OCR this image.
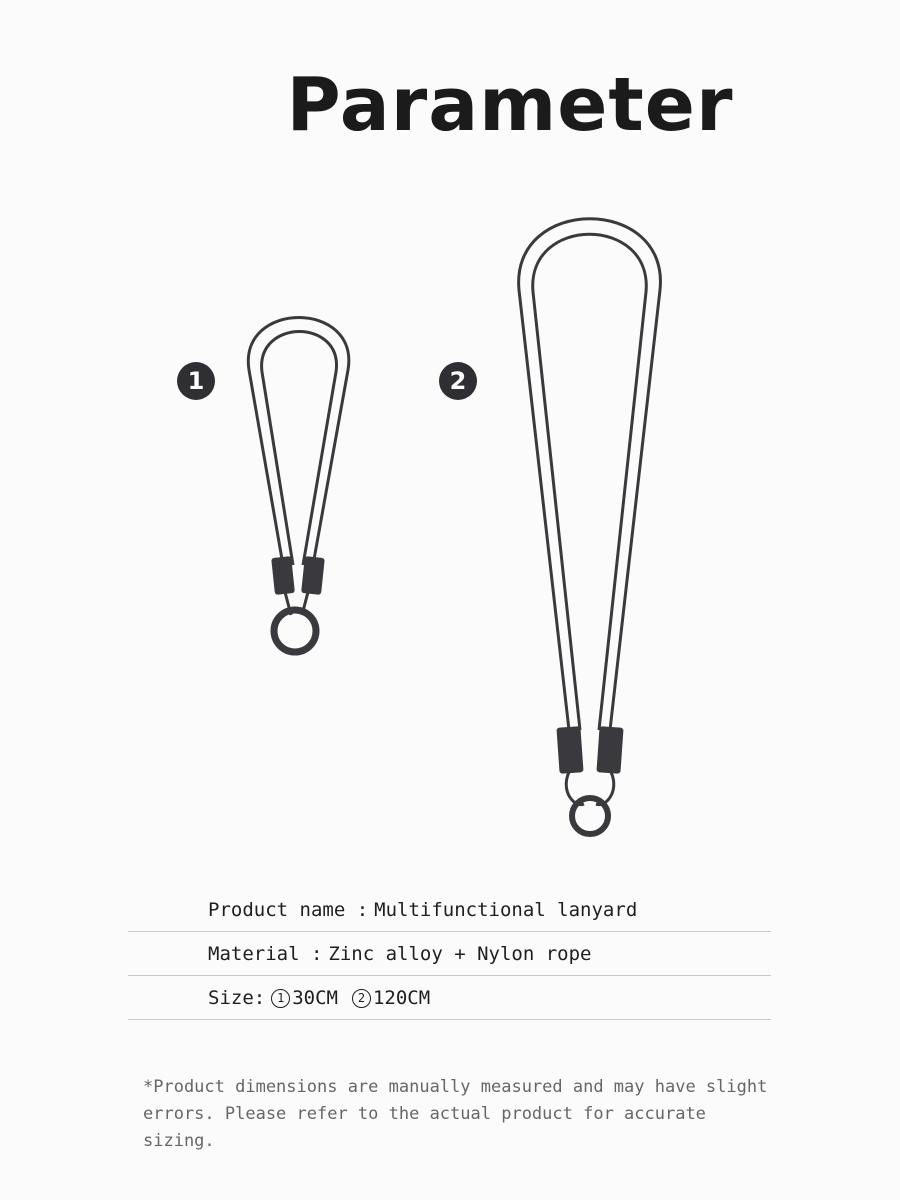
Parameter
1	2
Product name : Multifunctional lanyard
Material : Zinc alloy + Nylon rope
Size: 1 30CM	2 120CM
*Product dimensions are manually measured and may have slight errors. Please refer to the actual product for accurate sizing.
